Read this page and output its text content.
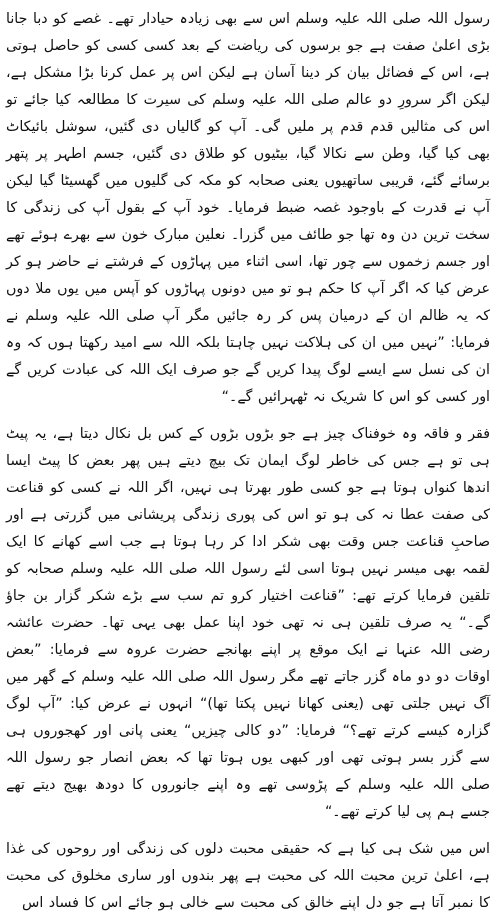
رسول اللہ صلی اللہ علیہ وسلم اس سے بھی زیادہ حیادار تھے۔ غصے کو دبا جانا بڑی اعلیٰ صفت ہے جو برسوں کی ریاضت کے بعد کسی کسی کو حاصل ہوتی ہے، اس کے فضائل بیان کر دینا آسان ہے لیکن اس پر عمل کرنا بڑا مشکل ہے، لیکن اگر سرورِ دو عالم صلی اللہ علیہ وسلم کی سیرت کا مطالعہ کیا جائے تو اس کی مثالیں قدم قدم پر ملیں گی۔ آپ کو گالیاں دی گئیں، سوشل بائیکاٹ بھی کیا گیا، وطن سے نکالا گیا، بیٹیوں کو طلاق دی گئیں، جسم اطہر پر پتھر برسائے گئے، قریبی ساتھیوں یعنی صحابہ کو مکہ کی گلیوں میں گھسیٹا گیا لیکن آپ نے قدرت کے باوجود غصہ ضبط فرمایا۔ خود آپ کے بقول آپ کی زندگی کا سخت ترین دن وہ تھا جو طائف میں گزرا۔ نعلین مبارک خون سے بھرے ہوئے تھے اور جسم زخموں سے چور تھا، اسی اثناء میں پہاڑوں کے فرشتے نے حاضر ہو کر عرض کیا کہ اگر آپ کا حکم ہو تو میں دونوں پہاڑوں کو آپس میں یوں ملا دوں کہ یہ ظالم ان کے درمیان پس کر رہ جائیں مگر آپ صلی اللہ علیہ وسلم نے فرمایا: ”نہیں میں ان کی ہلاکت نہیں چاہتا بلکہ اللہ سے امید رکھتا ہوں کہ وہ ان کی نسل سے ایسے لوگ پیدا کریں گے جو صرف ایک اللہ کی عبادت کریں گے اور کسی کو اس کا شریک نہ ٹھہرائیں گے۔“

فقر و فاقہ وہ خوفناک چیز ہے جو بڑوں بڑوں کے کس بل نکال دیتا ہے، یہ پیٹ ہی تو ہے جس کی خاطر لوگ ایمان تک بیچ دیتے ہیں پھر بعض کا پیٹ ایسا اندھا کنواں ہوتا ہے جو کسی طور بھرتا ہی نہیں، اگر اللہ نے کسی کو قناعت کی صفت عطا نہ کی ہو تو اس کی پوری زندگی پریشانی میں گزرتی ہے اور صاحبِ قناعت جس وقت بھی شکر ادا کر رہا ہوتا ہے جب اسے کھانے کا ایک لقمہ بھی میسر نہیں ہوتا اسی لئے رسول اللہ صلی اللہ علیہ وسلم صحابہ کو تلقین فرمایا کرتے تھے: ”قناعت اختیار کرو تم سب سے بڑے شکر گزار بن جاؤ گے۔“ یہ صرف تلقین ہی نہ تھی خود اپنا عمل بھی یہی تھا۔ حضرت عائشہ رضی اللہ عنہا نے ایک موقع پر اپنے بھانجے حضرت عروہ سے فرمایا: ”بعض اوقات دو دو ماہ گزر جاتے تھے مگر رسول اللہ صلی اللہ علیہ وسلم کے گھر میں آگ نہیں جلتی تھی (یعنی کھانا نہیں پکتا تھا)“ انہوں نے عرض کیا: ”آپ لوگ گزارہ کیسے کرتے تھے؟“ فرمایا: ”دو کالی چیزیں“ یعنی پانی اور کھجوروں ہی سے گزر بسر ہوتی تھی اور کبھی یوں ہوتا تھا کہ بعض انصار جو رسول اللہ صلی اللہ علیہ وسلم کے پڑوسی تھے وہ اپنے جانوروں کا دودھ بھیج دیتے تھے جسے ہم پی لیا کرتے تھے۔“

اس میں شک ہی کیا ہے کہ حقیقی محبت دلوں کی زندگی اور روحوں کی غذا ہے، اعلیٰ ترین محبت اللہ کی محبت ہے پھر بندوں اور ساری مخلوق کی محبت کا نمبر آتا ہے جو دل اپنے خالق کی محبت سے خالی ہو جائے اس کا فساد اس
